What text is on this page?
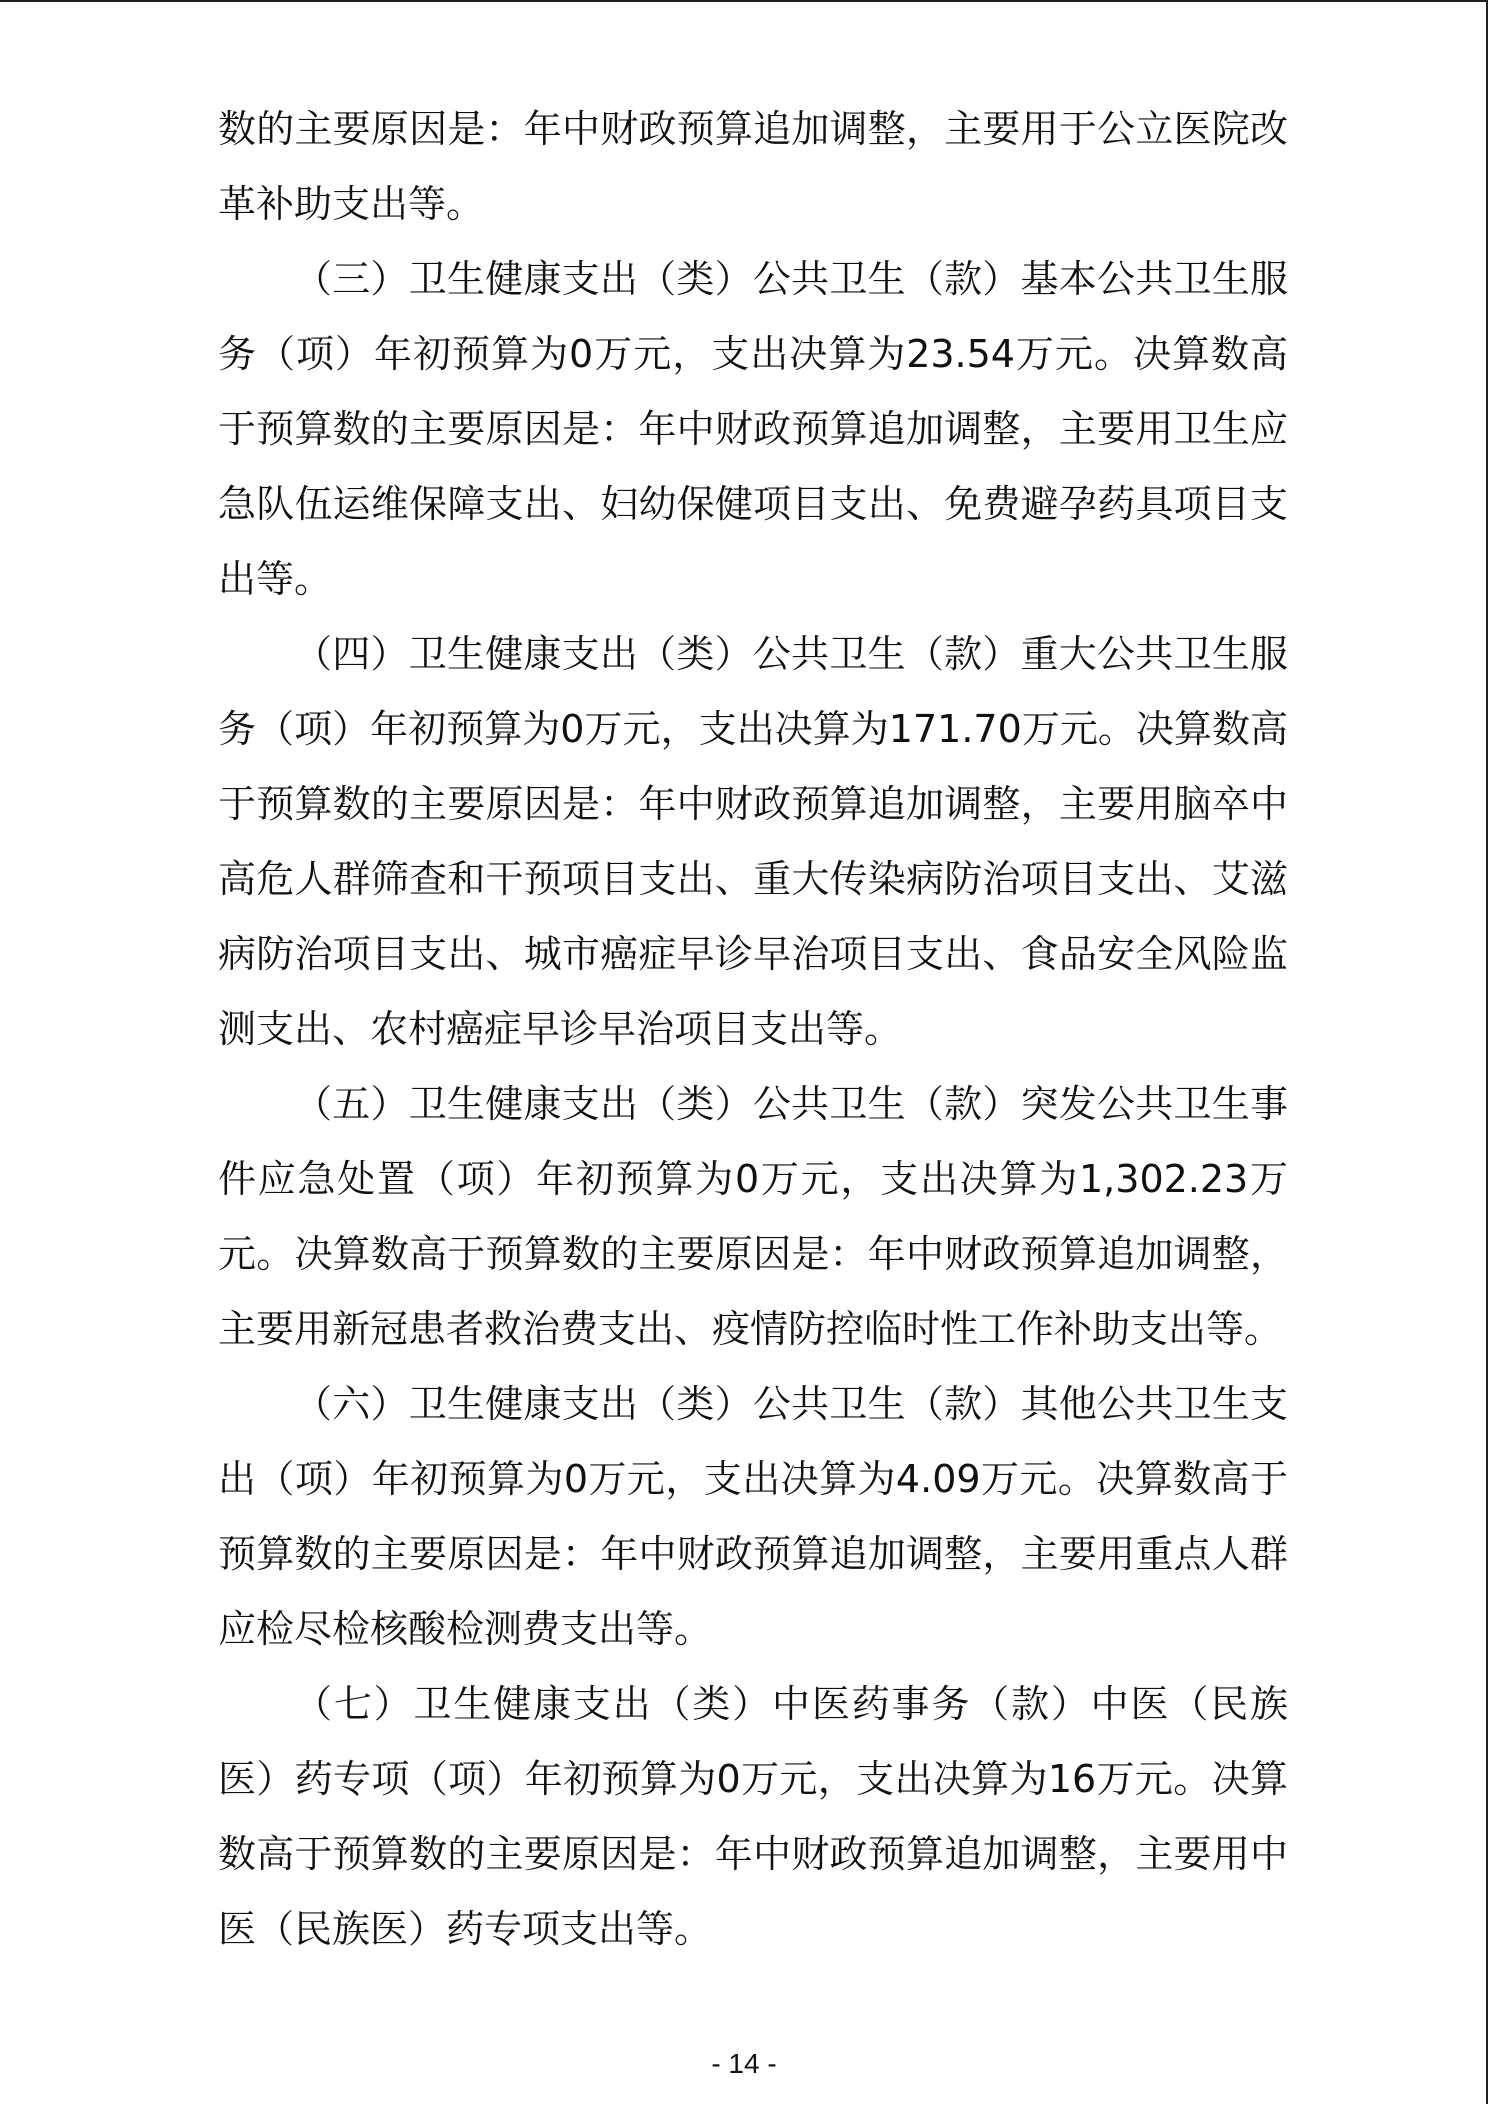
数的主要原因是：年中财政预算追加调整，主要用于公立医院改革补助支出等。

（三）卫生健康支出（类）公共卫生（款）基本公共卫生服务（项）年初预算为0万元，支出决算为23.54万元。决算数高于预算数的主要原因是：年中财政预算追加调整，主要用卫生应急队伍运维保障支出、妇幼保健项目支出、免费避孕药具项目支出等。

（四）卫生健康支出（类）公共卫生（款）重大公共卫生服务（项）年初预算为0万元，支出决算为171.70万元。决算数高于预算数的主要原因是：年中财政预算追加调整，主要用脑卒中高危人群筛查和干预项目支出、重大传染病防治项目支出、艾滋病防治项目支出、城市癌症早诊早治项目支出、食品安全风险监测支出、农村癌症早诊早治项目支出等。

（五）卫生健康支出（类）公共卫生（款）突发公共卫生事件应急处置（项）年初预算为0万元，支出决算为1,302.23万元。决算数高于预算数的主要原因是：年中财政预算追加调整，主要用新冠患者救治费支出、疫情防控临时性工作补助支出等。

（六）卫生健康支出（类）公共卫生（款）其他公共卫生支出（项）年初预算为0万元，支出决算为4.09万元。决算数高于预算数的主要原因是：年中财政预算追加调整，主要用重点人群应检尽检核酸检测费支出等。

（七）卫生健康支出（类）中医药事务（款）中医（民族医）药专项（项）年初预算为0万元，支出决算为16万元。决算数高于预算数的主要原因是：年中财政预算追加调整，主要用中医（民族医）药专项支出等。

- 14 -
